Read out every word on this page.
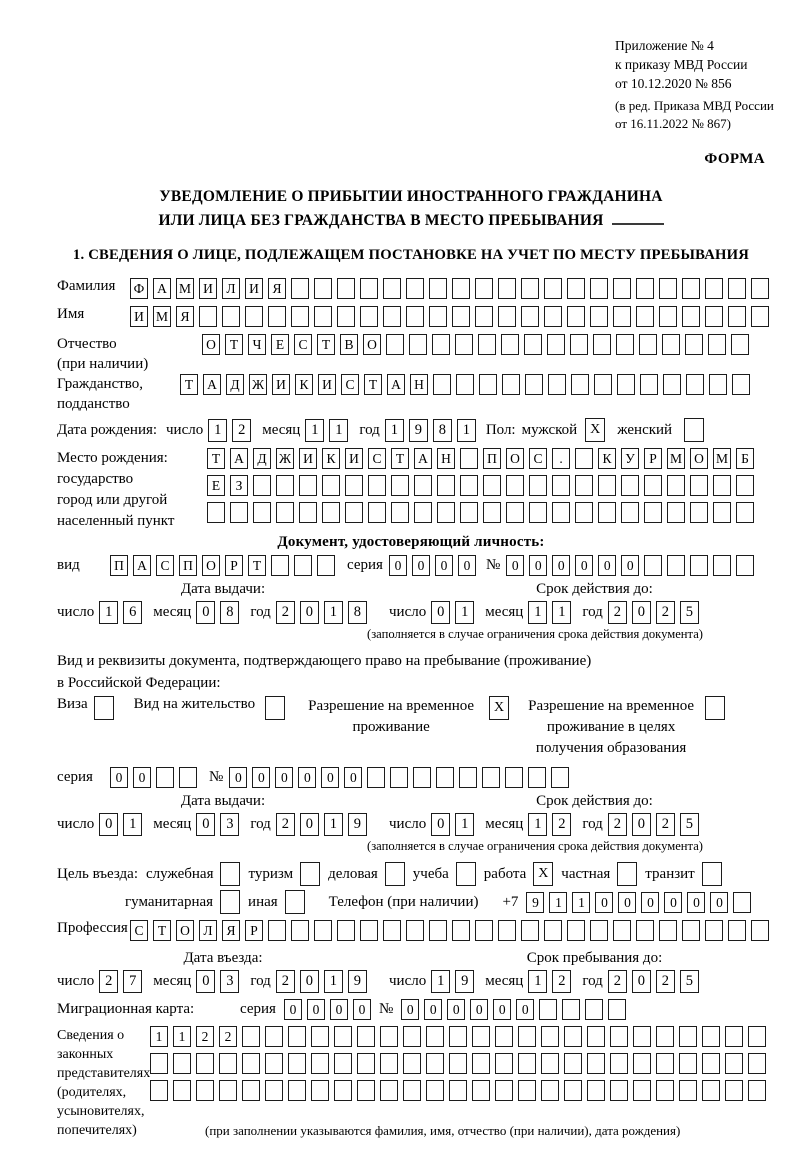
Приложение № 4
к приказу МВД России
от 10.12.2020 № 856
(в ред. Приказа МВД России
от 16.11.2022 № 867)
ФОРМА
УВЕДОМЛЕНИЕ О ПРИБЫТИИ ИНОСТРАННОГО ГРАЖДАНИНА
ИЛИ ЛИЦА БЕЗ ГРАЖДАНСТВА В МЕСТО ПРЕБЫВАНИЯ
1. СВЕДЕНИЯ О ЛИЦЕ, ПОДЛЕЖАЩЕМ ПОСТАНОВКЕ НА УЧЕТ ПО МЕСТУ ПРЕБЫВАНИЯ
Фамилия	Ф А М И	Л	И	Я
Имя	И М Я
Отчество
(при наличии)
О	Т	Ч	Е	С	Т	В	О
Гражданство,
подданство
Т	А	Д Ж И	К	И	С	Т	А Н
Дата рождения: число 1	2	месяц 1	1	год 1	9	8	1	Пол: мужской X	женский
Место рождения:
государство
город или другой
населенный пункт
Т	А	Д Ж И	К	И	С	Т	А Н	П О	С	.	К	У	Р М О М Б
Е	З
Документ, удостоверяющий личность:
вид	П А	С	П О	Р	Т	серия 0	0	0	0	№ 0	0	0	0	0	0
Дата выдачи:
число 1	6	месяц 0	8	год 2	0	1	8
Срок действия до:
число 0	1	месяц 1	1	год 2	0	2	5
(заполняется в случае ограничения срока действия документа)
Вид и реквизиты документа, подтверждающего право на пребывание (проживание)
в Российской Федерации:
Виза	Вид на жительство	Разрешение на временное
проживание
X	Разрешение на временное
проживание в целях
получения образования
серия	0	0	№ 0	0	0	0	0	0
Дата выдачи:
число 0	1	месяц 0	3	год 2	0	1	9
Срок действия до:
число 0	1	месяц 1	2	год 2	0	2	5
(заполняется в случае ограничения срока действия документа)
Цель въезда: служебная туризм деловая учеба работа X частная транзит
гуманитарная иная	Телефон (при наличии) +7	9	1	1	0	0	0	0	0	0
Профессия С	Т	О	Л	Я	Р
Дата въезда:
число 2	7	месяц 0	3	год 2	0	1	9
Срок пребывания до:
число 1	9	месяц 1	2	год 2	0	2	5
Миграционная карта:	серия	0	0	0	0 №	0	0	0	0	0	0
Сведения о
законных
представителях
(родителях,
усыновителях,
попечителях)
1	1	2	2
(при заполнении указываются фамилия, имя, отчество (при наличии), дата рождения)
